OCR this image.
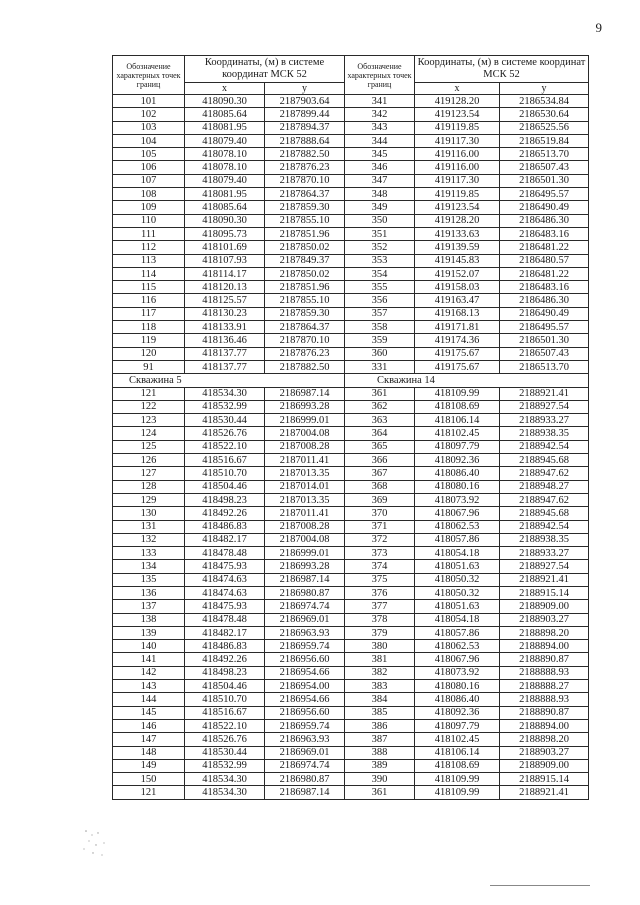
9
Обозначение характерных точек границ	Координаты, (м) в системе координат МСК 52		Обозначение характерных точек границ	Координаты, (м) в системе координат МСК 52	
	x	y		x	y
101	418090.30	2187903.64	341	419128.20	2186534.84
102	418085.64	2187899.44	342	419123.54	2186530.64
103	418081.95	2187894.37	343	419119.85	2186525.56
104	418079.40	2187888.64	344	419117.30	2186519.84
105	418078.10	2187882.50	345	419116.00	2186513.70
106	418078.10	2187876.23	346	419116.00	2186507.43
107	418079.40	2187870.10	347	419117.30	2186501.30
108	418081.95	2187864.37	348	419119.85	2186495.57
109	418085.64	2187859.30	349	419123.54	2186490.49
110	418090.30	2187855.10	350	419128.20	2186486.30
111	418095.73	2187851.96	351	419133.63	2186483.16
112	418101.69	2187850.02	352	419139.59	2186481.22
113	418107.93	2187849.37	353	419145.83	2186480.57
114	418114.17	2187850.02	354	419152.07	2186481.22
115	418120.13	2187851.96	355	419158.03	2186483.16
116	418125.57	2187855.10	356	419163.47	2186486.30
117	418130.23	2187859.30	357	419168.13	2186490.49
118	418133.91	2187864.37	358	419171.81	2186495.57
119	418136.46	2187870.10	359	419174.36	2186501.30
120	418137.77	2187876.23	360	419175.67	2186507.43
91	418137.77	2187882.50	331	419175.67	2186513.70
Скважина 5			Скважина 14		
121	418534.30	2186987.14	361	418109.99	2188921.41
122	418532.99	2186993.28	362	418108.69	2188927.54
123	418530.44	2186999.01	363	418106.14	2188933.27
124	418526.76	2187004.08	364	418102.45	2188938.35
125	418522.10	2187008.28	365	418097.79	2188942.54
126	418516.67	2187011.41	366	418092.36	2188945.68
127	418510.70	2187013.35	367	418086.40	2188947.62
128	418504.46	2187014.01	368	418080.16	2188948.27
129	418498.23	2187013.35	369	418073.92	2188947.62
130	418492.26	2187011.41	370	418067.96	2188945.68
131	418486.83	2187008.28	371	418062.53	2188942.54
132	418482.17	2187004.08	372	418057.86	2188938.35
133	418478.48	2186999.01	373	418054.18	2188933.27
134	418475.93	2186993.28	374	418051.63	2188927.54
135	418474.63	2186987.14	375	418050.32	2188921.41
136	418474.63	2186980.87	376	418050.32	2188915.14
137	418475.93	2186974.74	377	418051.63	2188909.00
138	418478.48	2186969.01	378	418054.18	2188903.27
139	418482.17	2186963.93	379	418057.86	2188898.20
140	418486.83	2186959.74	380	418062.53	2188894.00
141	418492.26	2186956.60	381	418067.96	2188890.87
142	418498.23	2186954.66	382	418073.92	2188888.93
143	418504.46	2186954.00	383	418080.16	2188888.27
144	418510.70	2186954.66	384	418086.40	2188888.93
145	418516.67	2186956.60	385	418092.36	2188890.87
146	418522.10	2186959.74	386	418097.79	2188894.00
147	418526.76	2186963.93	387	418102.45	2188898.20
148	418530.44	2186969.01	388	418106.14	2188903.27
149	418532.99	2186974.74	389	418108.69	2188909.00
150	418534.30	2186980.87	390	418109.99	2188915.14
121	418534.30	2186987.14	361	418109.99	2188921.41
